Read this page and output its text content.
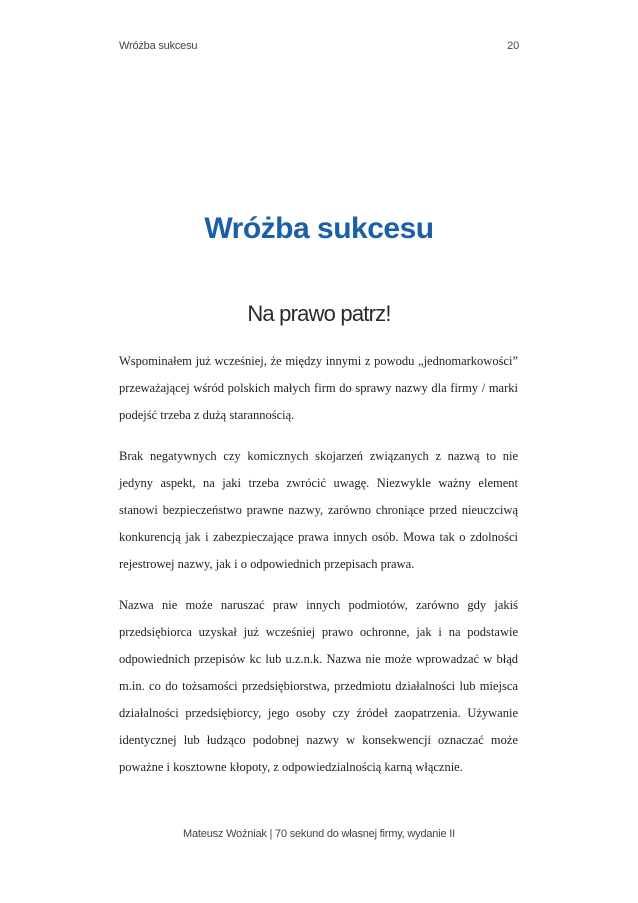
Wróżba sukcesu	20
Wróżba sukcesu
Na prawo patrz!

Wspominałem już wcześniej, że między innymi z powodu „jednomarkowości” przeważającej wśród polskich małych firm do sprawy nazwy dla firmy / marki podejść trzeba z dużą starannością.

Brak negatywnych czy komicznych skojarzeń związanych z nazwą to nie jedyny aspekt, na jaki trzeba zwrócić uwagę. Niezwykle ważny element stanowi bezpieczeństwo prawne nazwy, zarówno chroniące przed nieuczciwą konkurencją jak i zabezpieczające prawa innych osób. Mowa tak o zdolności rejestrowej nazwy, jak i o odpowiednich przepisach prawa.

Nazwa nie może naruszać praw innych podmiotów, zarówno gdy jakiś przedsiębiorca uzyskał już wcześniej prawo ochronne, jak i na podstawie odpowiednich przepisów kc lub u.z.n.k. Nazwa nie może wprowadzać w błąd m.in. co do tożsamości przedsiębiorstwa, przedmiotu działalności lub miejsca działalności przedsiębiorcy, jego osoby czy źródeł zaopatrzenia. Używanie identycznej lub łudząco podobnej nazwy w konsekwencji oznaczać może poważne i kosztowne kłopoty, z odpowiedzialnością karną włącznie.

Mateusz Woźniak | 70 sekund do własnej firmy, wydanie II
